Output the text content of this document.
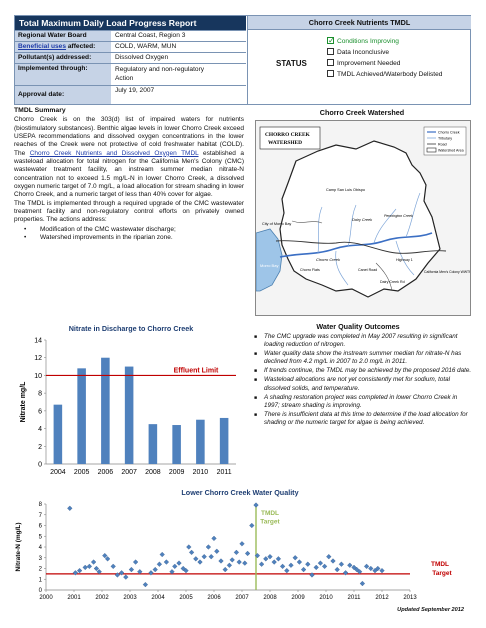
Total Maximum Daily Load Progress Report
Regional Water Board	Central Coast, Region 3
Beneficial uses affected:	COLD, WARM, MUN
Pollutant(s) addressed:	Dissolved Oxygen
Implemented through:	Regulatory and non-regulatory
Action
Approval date:
July 19, 2007
Chorro Creek Nutrients TMDL
STATUS
✓Conditions Improving
Data Inconclusive
Improvement Needed
TMDL Achieved/Waterbody Delisted
TMDL Summary

Chorro Creek is on the 303(d) list of impaired waters for nutrients (biostimulatory substances). Benthic algae levels in lower Chorro Creek exceed USEPA recommendations and dissolved oxygen concentrations in the lower reaches of the Creek were not protective of cold freshwater habitat (COLD). The Chorro Creek Nutrients and Dissolved Oxygen TMDL established a wasteload allocation for total nitrogen for the California Men's Colony (CMC) wastewater treatment facility, an instream summer median nitrate-N concentration not to exceed 1.5 mg/L-N in lower Chorro Creek, a dissolved oxygen numeric target of 7.0 mg/L, a load allocation for stream shading in lower Chorro Creek, and a numeric target of less than 40% cover for algae.

The TMDL is implemented through a required upgrade of the CMC wastewater treatment facility and non-regulatory control efforts on privately owned properties. The actions address:

• Modification of the CMC wastewater discharge;
• Watershed improvements in the riparian zone.
Chorro Creek Watershed
CHORRO CREEK
WATERSHED
Chorro Creek
Tributary
Road
Watershed Area
City of Morro Bay
Morro Bay
Chorro Creek
Dairy Creek
Pennington Creek
Camp San Luis Obispo
Chorro Flats	Canet Road
Dairy Creek Rd
Highway 1
California Men's Colony WWTF
Nitrate in Discharge to Chorro Creek
0
2
4
6
8
10
12
14
2004 2005 2006 2007 2008 2009 2010 2011
Effluent Limit
Nitrate mg/L
Water Quality Outcomes
■ The CMC upgrade was completed in May 2007 resulting in significant loading reduction of nitrogen.
■ Water quality data show the instream summer median for nitrate-N has declined from 4.2 mg/L in 2007 to 2.0 mg/L in 2011.
■ If trends continue, the TMDL may be achieved by the proposed 2016 date.
■ Wasteload allocations are not yet consistently met for sodium, total dissolved solids, and temperature.
■ A shading restoration project was completed in lower Chorro Creek in 1997; stream shading is improving.
■ There is insufficient data at this time to determine if the load allocation for shading or the numeric target for algae is being achieved.
Lower Chorro Creek Water Quality
0
1
2
3
4
5
6
7
8
2000 2001 2002 2003 2004 2005 2006 2007 2008 2009 2010 2011 2012 2013
TMDL
Target
TMDL
Target
Nitrate-N (mg/L)
Updated September 2012
